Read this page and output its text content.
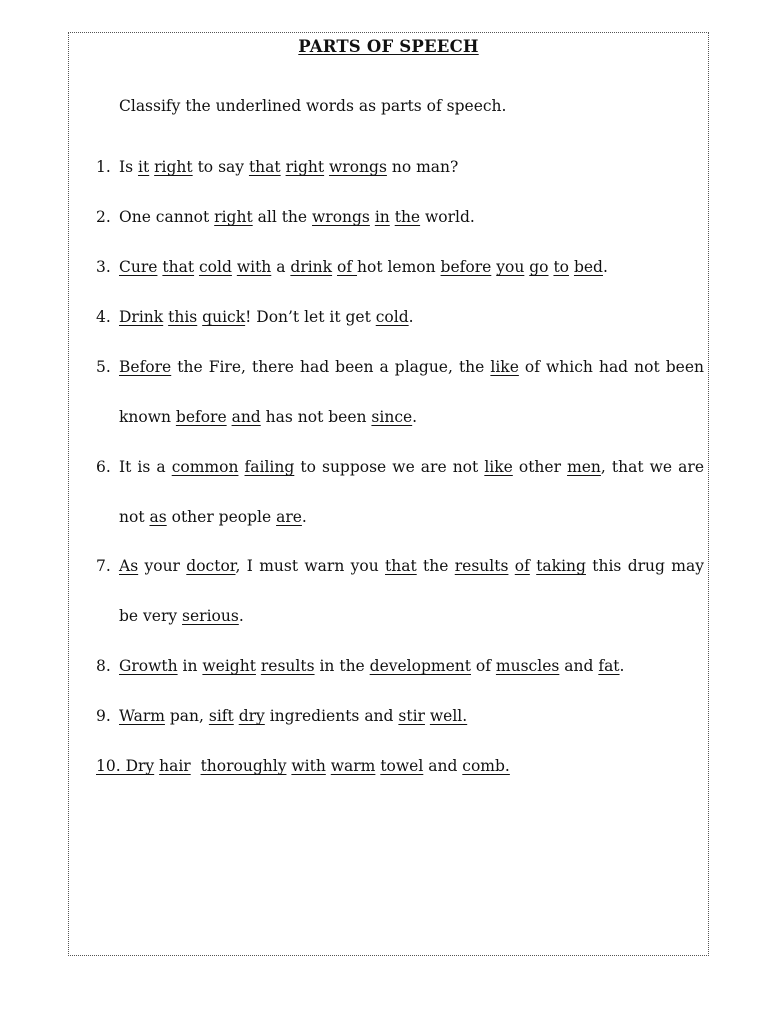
PARTS OF SPEECH
Classify the underlined words as parts of speech.
1. Is it right to say that right wrongs no man?
2. One cannot right all the wrongs in the world.
3. Cure that cold with a drink of hot lemon before you go to bed.
4. Drink this quick! Don’t let it get cold.
5. Before the Fire, there had been a plague, the like of which had not been known before and has not been since.
6. It is a common failing to suppose we are not like other men, that we are not as other people are.
7. As your doctor, I must warn you that the results of taking this drug may be very serious.
8. Growth in weight results in the development of muscles and fat.
9. Warm pan, sift dry ingredients and stir well.
10. Dry hair thoroughly with warm towel and comb.
